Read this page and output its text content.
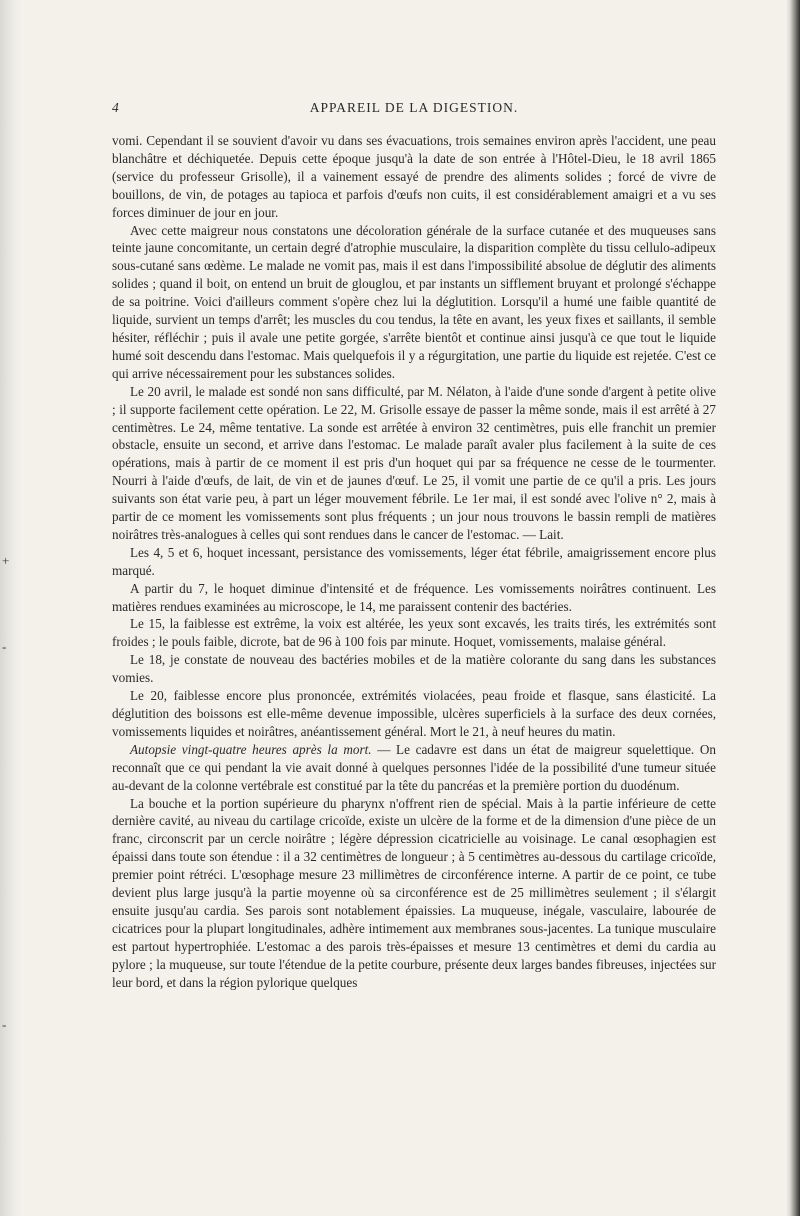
+
-
-
4	APPAREIL DE LA DIGESTION.

vomi. Cependant il se souvient d'avoir vu dans ses évacuations, trois semaines environ après l'accident, une peau blanchâtre et déchiquetée. Depuis cette époque jusqu'à la date de son entrée à l'Hôtel-Dieu, le 18 avril 1865 (service du professeur Grisolle), il a vainement essayé de prendre des aliments solides ; forcé de vivre de bouillons, de vin, de potages au tapioca et parfois d'œufs non cuits, il est considérablement amaigri et a vu ses forces diminuer de jour en jour.

Avec cette maigreur nous constatons une décoloration générale de la surface cutanée et des muqueuses sans teinte jaune concomitante, un certain degré d'atrophie musculaire, la disparition complète du tissu cellulo-adipeux sous-cutané sans œdème. Le malade ne vomit pas, mais il est dans l'impossibilité absolue de déglutir des aliments solides ; quand il boit, on entend un bruit de glouglou, et par instants un sifflement bruyant et prolongé s'échappe de sa poitrine. Voici d'ailleurs comment s'opère chez lui la déglutition. Lorsqu'il a humé une faible quantité de liquide, survient un temps d'arrêt; les muscles du cou tendus, la tête en avant, les yeux fixes et saillants, il semble hésiter, réfléchir ; puis il avale une petite gorgée, s'arrête bientôt et continue ainsi jusqu'à ce que tout le liquide humé soit descendu dans l'estomac. Mais quelquefois il y a régurgitation, une partie du liquide est rejetée. C'est ce qui arrive nécessairement pour les substances solides.

Le 20 avril, le malade est sondé non sans difficulté, par M. Nélaton, à l'aide d'une sonde d'argent à petite olive ; il supporte facilement cette opération. Le 22, M. Grisolle essaye de passer la même sonde, mais il est arrêté à 27 centimètres. Le 24, même tentative. La sonde est arrêtée à environ 32 centimètres, puis elle franchit un premier obstacle, ensuite un second, et arrive dans l'estomac. Le malade paraît avaler plus facilement à la suite de ces opérations, mais à partir de ce moment il est pris d'un hoquet qui par sa fréquence ne cesse de le tourmenter. Nourri à l'aide d'œufs, de lait, de vin et de jaunes d'œuf. Le 25, il vomit une partie de ce qu'il a pris. Les jours suivants son état varie peu, à part un léger mouvement fébrile. Le 1er mai, il est sondé avec l'olive n° 2, mais à partir de ce moment les vomissements sont plus fréquents ; un jour nous trouvons le bassin rempli de matières noirâtres très-analogues à celles qui sont rendues dans le cancer de l'estomac. — Lait.

Les 4, 5 et 6, hoquet incessant, persistance des vomissements, léger état fébrile, amaigrissement encore plus marqué.

A partir du 7, le hoquet diminue d'intensité et de fréquence. Les vomissements noirâtres continuent. Les matières rendues examinées au microscope, le 14, me paraissent contenir des bactéries.

Le 15, la faiblesse est extrême, la voix est altérée, les yeux sont excavés, les traits tirés, les extrémités sont froides ; le pouls faible, dicrote, bat de 96 à 100 fois par minute. Hoquet, vomissements, malaise général.

Le 18, je constate de nouveau des bactéries mobiles et de la matière colorante du sang dans les substances vomies.

Le 20, faiblesse encore plus prononcée, extrémités violacées, peau froide et flasque, sans élasticité. La déglutition des boissons est elle-même devenue impossible, ulcères superficiels à la surface des deux cornées, vomissements liquides et noirâtres, anéantissement général. Mort le 21, à neuf heures du matin.

Autopsie vingt-quatre heures après la mort. — Le cadavre est dans un état de maigreur squelettique. On reconnaît que ce qui pendant la vie avait donné à quelques personnes l'idée de la possibilité d'une tumeur située au-devant de la colonne vertébrale est constitué par la tête du pancréas et la première portion du duodénum.

La bouche et la portion supérieure du pharynx n'offrent rien de spécial. Mais à la partie inférieure de cette dernière cavité, au niveau du cartilage cricoïde, existe un ulcère de la forme et de la dimension d'une pièce de un franc, circonscrit par un cercle noirâtre ; légère dépression cicatricielle au voisinage. Le canal œsophagien est épaissi dans toute son étendue : il a 32 centimètres de longueur ; à 5 centimètres au-dessous du cartilage cricoïde, premier point rétréci. L'œsophage mesure 23 millimètres de circonférence interne. A partir de ce point, ce tube devient plus large jusqu'à la partie moyenne où sa circonférence est de 25 millimètres seulement ; il s'élargit ensuite jusqu'au cardia. Ses parois sont notablement épaissies. La muqueuse, inégale, vasculaire, labourée de cicatrices pour la plupart longitudinales, adhère intimement aux membranes sous-jacentes. La tunique musculaire est partout hypertrophiée. L'estomac a des parois très-épaisses et mesure 13 centimètres et demi du cardia au pylore ; la muqueuse, sur toute l'étendue de la petite courbure, présente deux larges bandes fibreuses, injectées sur leur bord, et dans la région pylorique quelques
